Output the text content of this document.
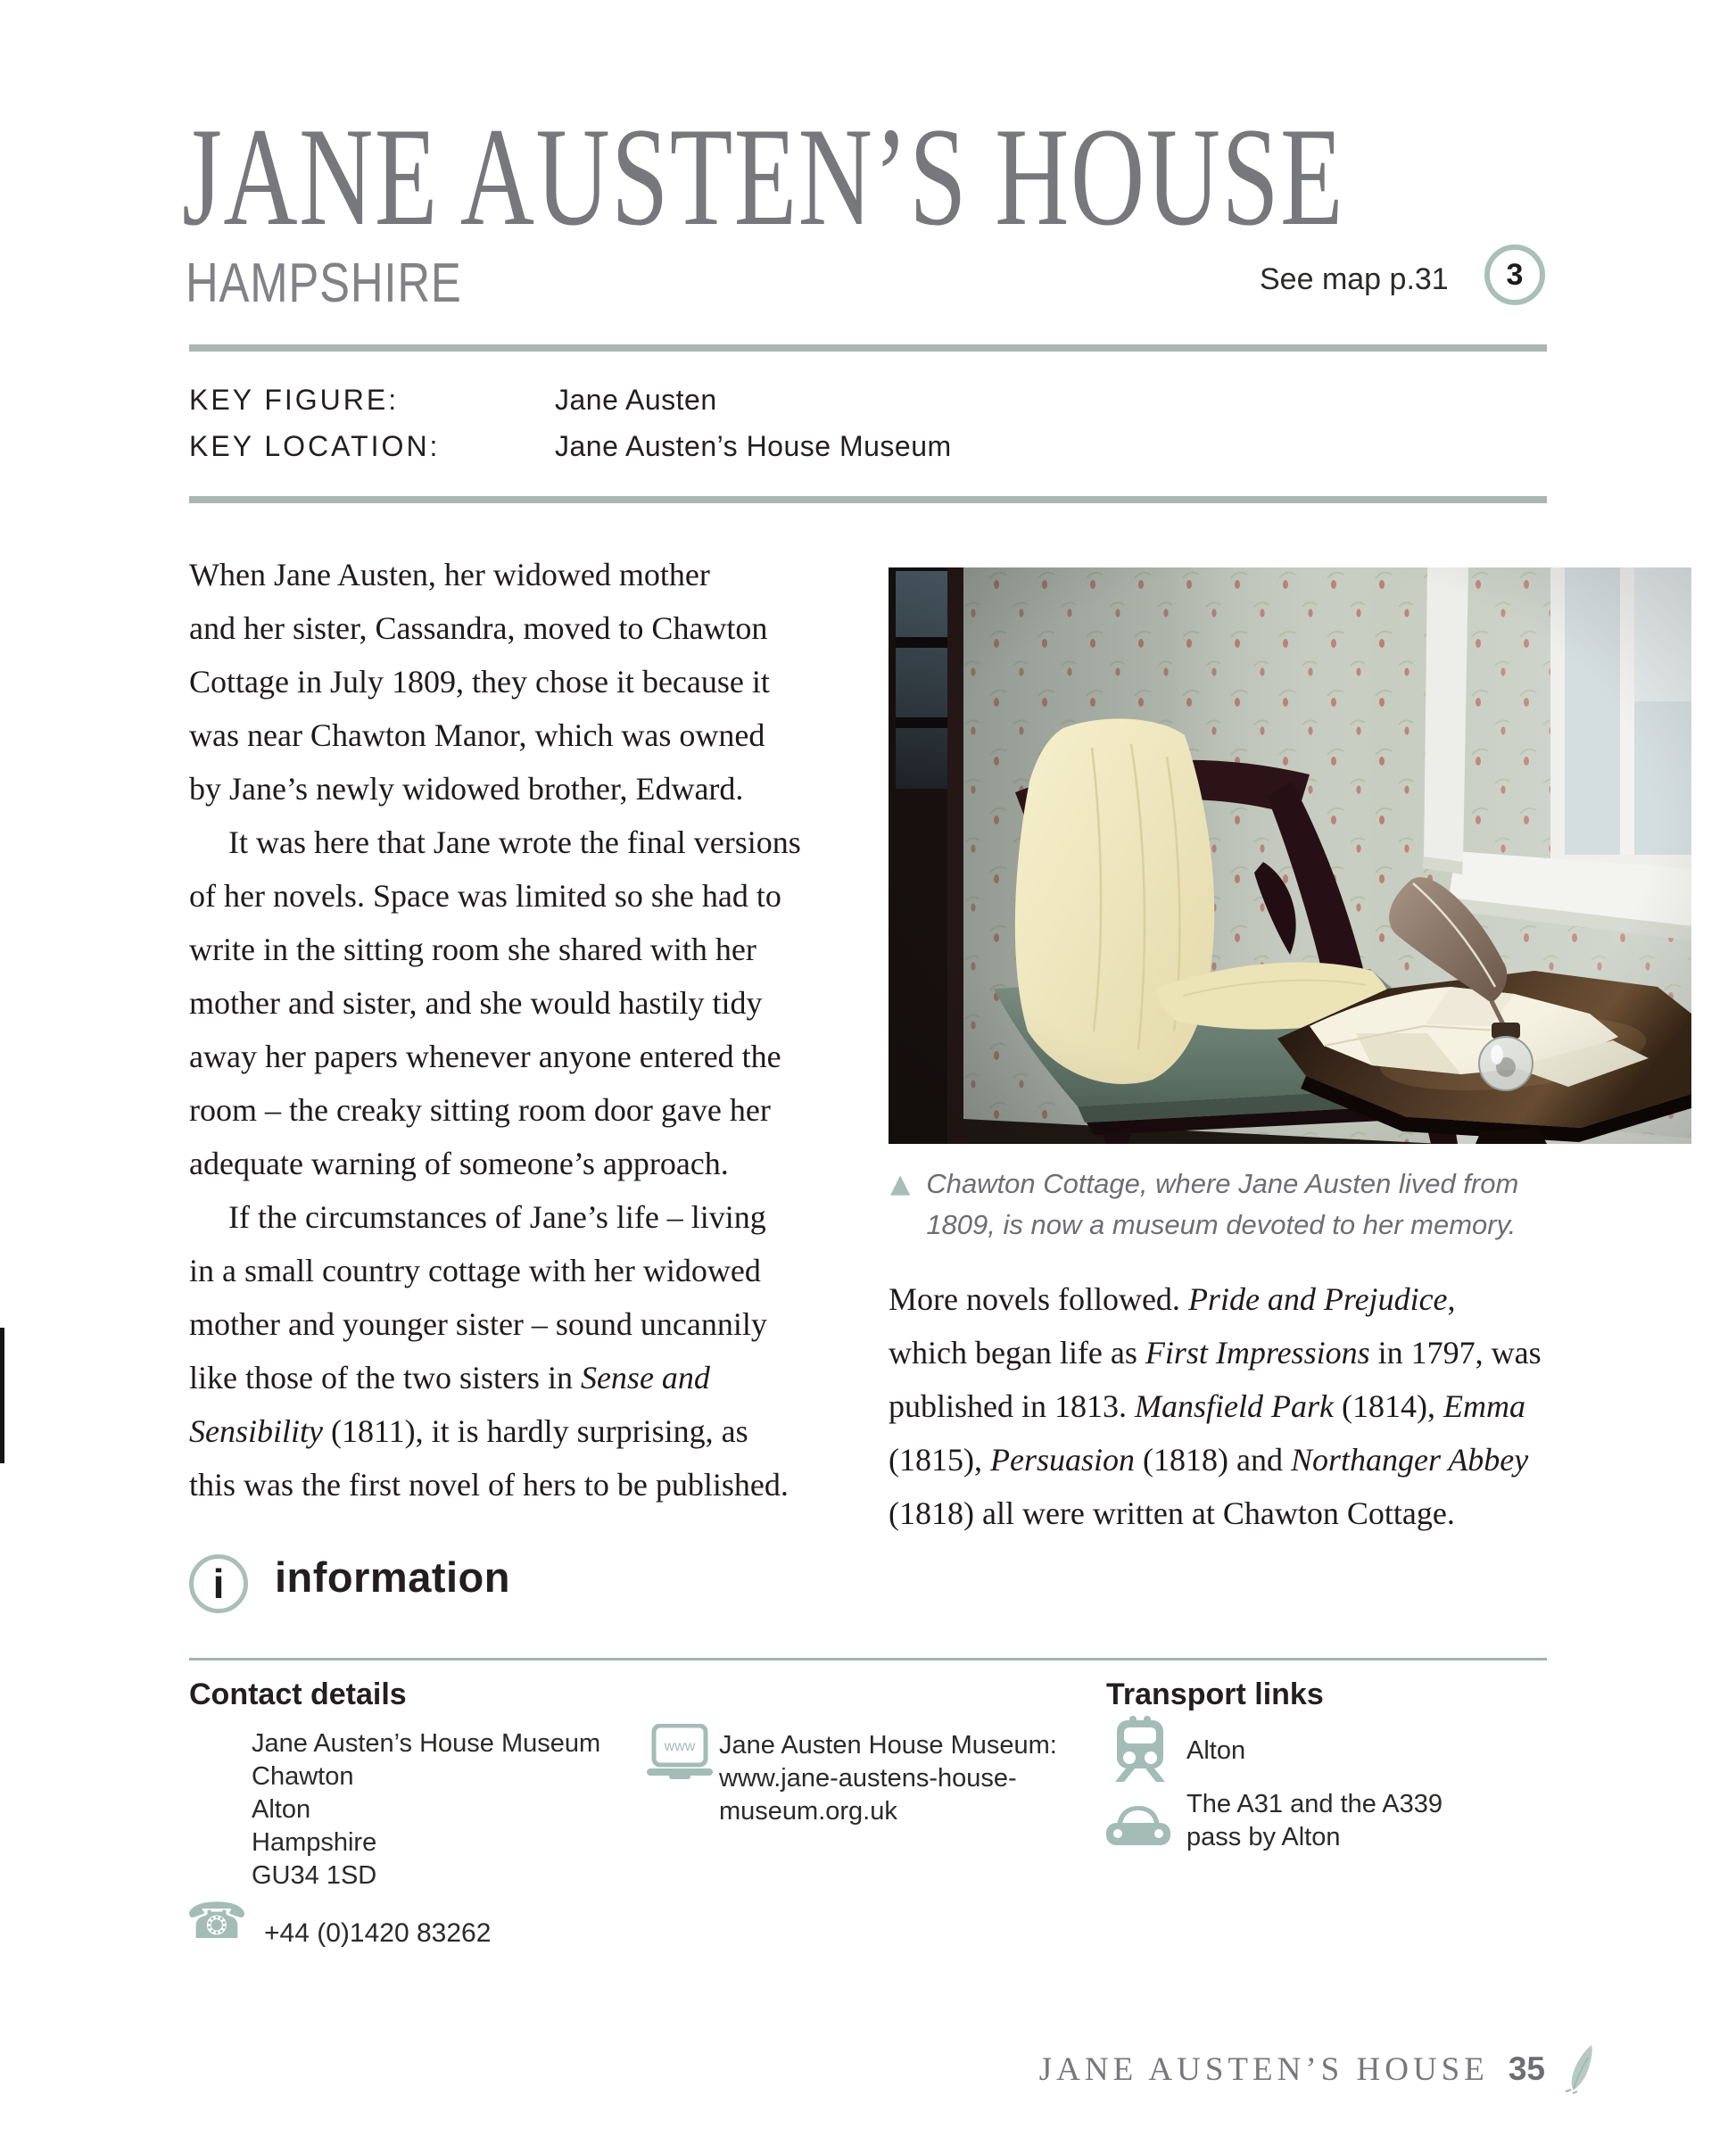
JANE AUSTEN’S HOUSE
HAMPSHIRE	See map p.31 3
KEY FIGURE:	Jane Austen
KEY LOCATION:	Jane Austen’s House Museum

When Jane Austen, her widowed mother
and her sister, Cassandra, moved to Chawton
Cottage in July 1809, they chose it because it
was near Chawton Manor, which was owned
by Jane’s newly widowed brother, Edward.

It was here that Jane wrote the final versions
of her novels. Space was limited so she had to
write in the sitting room she shared with her
mother and sister, and she would hastily tidy
away her papers whenever anyone entered the
room – the creaky sitting room door gave her
adequate warning of someone’s approach.

If the circumstances of Jane’s life – living
in a small country cottage with her widowed
mother and younger sister – sound uncannily
like those of the two sisters in Sense and
Sensibility (1811), it is hardly surprising, as
this was the first novel of hers to be published.

▲ Chawton Cottage, where Jane Austen lived from
1809, is now a museum devoted to her memory.

More novels followed. Pride and Prejudice,
which began life as First Impressions in 1797, was
published in 1813. Mansfield Park (1814), Emma
(1815), Persuasion (1818) and Northanger Abbey
(1818) all were written at Chawton Cottage.

i information
Contact details
Jane Austen’s House Museum
Chawton
Alton
Hampshire
GU34 1SD
www Jane Austen House Museum:
www.jane-austens-house-
museum.org.uk
Transport links
Alton
The A31 and the A339
pass by Alton
☎ +44 (0)1420 83262
JANE AUSTEN’S HOUSE 35
